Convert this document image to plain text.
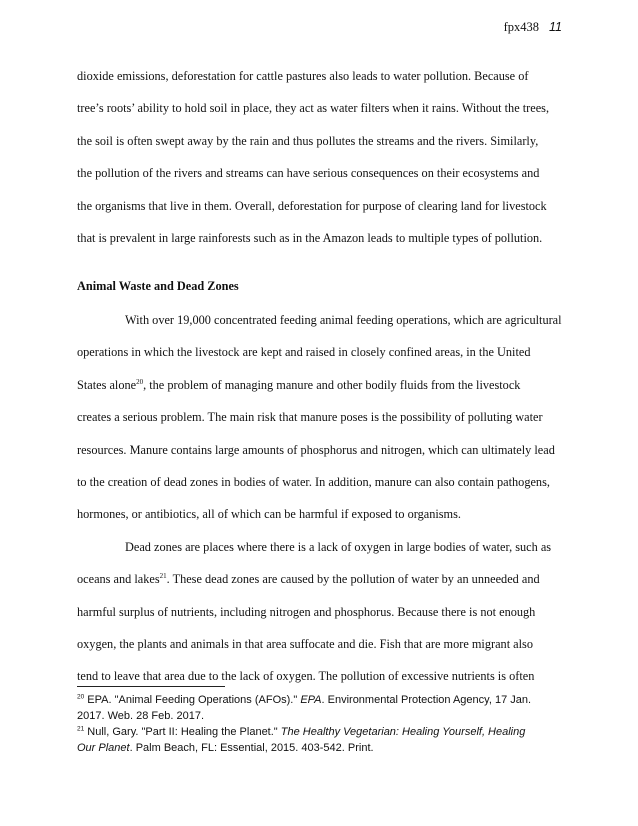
fpx438 11
dioxide emissions, deforestation for cattle pastures also leads to water pollution. Because of
tree’s roots’ ability to hold soil in place, they act as water filters when it rains. Without the trees,
the soil is often swept away by the rain and thus pollutes the streams and the rivers. Similarly,
the pollution of the rivers and streams can have serious consequences on their ecosystems and
the organisms that live in them. Overall, deforestation for purpose of clearing land for livestock
that is prevalent in large rainforests such as in the Amazon leads to multiple types of pollution.
Animal Waste and Dead Zones
With over 19,000 concentrated feeding animal feeding operations, which are agricultural
operations in which the livestock are kept and raised in closely confined areas, in the United
States alone$^{20}$, the problem of managing manure and other bodily fluids from the livestock
creates a serious problem. The main risk that manure poses is the possibility of polluting water
resources. Manure contains large amounts of phosphorus and nitrogen, which can ultimately lead
to the creation of dead zones in bodies of water. In addition, manure can also contain pathogens,
hormones, or antibiotics, all of which can be harmful if exposed to organisms.
Dead zones are places where there is a lack of oxygen in large bodies of water, such as
oceans and lakes$^{21}$. These dead zones are caused by the pollution of water by an unneeded and
harmful surplus of nutrients, including nitrogen and phosphorus. Because there is not enough
oxygen, the plants and animals in that area suffocate and die. Fish that are more migrant also
tend to leave that area due to the lack of oxygen. The pollution of excessive nutrients is often
$^{20}$ EPA. "Animal Feeding Operations (AFOs)." EPA. Environmental Protection Agency, 17 Jan.
2017. Web. 28 Feb. 2017.
$^{21}$ Null, Gary. "Part II: Healing the Planet." The Healthy Vegetarian: Healing Yourself, Healing
Our Planet. Palm Beach, FL: Essential, 2015. 403-542. Print.
